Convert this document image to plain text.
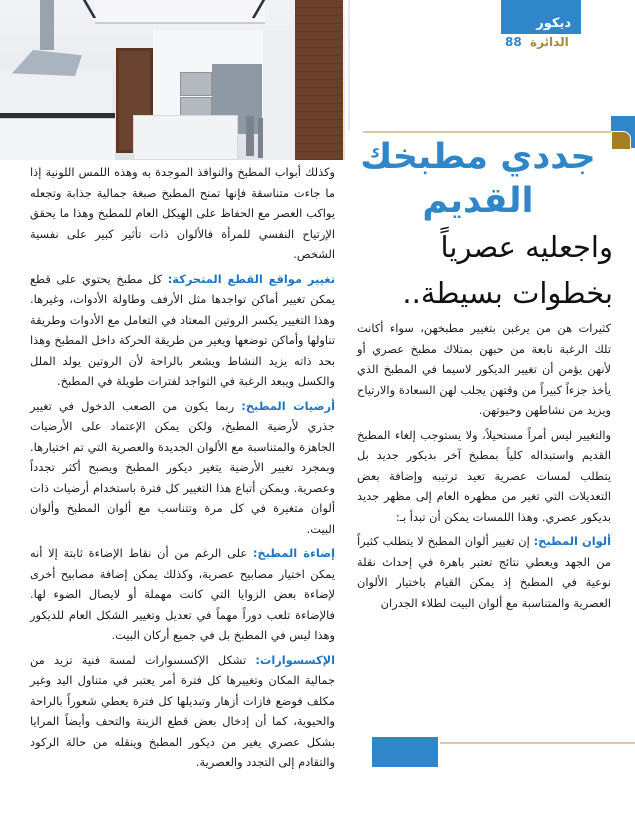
ديكور
88 الدائرة
جددي مطبخك
القديم
واجعليه عصرياً
بخطوات بسيطة..

كثيرات هن من يرغبن بتغيير مطبخهن، سواء أكانت تلك الرغبة نابعة من حبهن بمتلاك مطبخ عصري أو لأنهن يؤمن أن تغيير الديكور لاسيما في المطبخ الذي يأخذ جزءاً كبيراً من وقتهن يجلب لهن السعادة والارتياح ويزيد من نشاطهن وحيوتهن.

والتغيير ليس أمراً مستحيلاً، ولا يستوجب إلغاء المطبخ القديم واستبداله كلياً بمطبخ آخر بديكور جديد بل يتطلب لمسات عصرية تعيد ترتيبه وإضافة بعض التعديلات التي تغير من مظهره العام إلى مظهر جديد بديكور عصري. وهذا اللمسات يمكن أن تبدأ بـ:

ألوان المطبخ: إن تغيير ألوان المطبخ لا يتطلب كثيراً من الجهد ويعطي نتائج تعتبر باهرة في إحداث نقلة نوعية في المطبخ إذ يمكن القيام باختيار الألوان العصرية والمتناسبة مع ألوان البيت لطلاء الجدران

وكذلك أبواب المطبخ والنوافذ الموجدة به وهذه اللمس اللونية إذا ما جاءت متناسقة فإنها تمنح المطبخ صبغة جمالية جذابة وتجعله يواكب العصر مع الحفاظ على الهيكل العام للمطبخ وهذا ما يحقق الإرتياح النفسي للمرأة فالألوان ذات تأثير كبير على نفسية الشخص.

تغيير مواقع القطع المتحركة: كل مطبخ يحتوي على قطع يمكن تغيير أماكن تواجدها مثل الأرفف وطاولة الأدوات، وغيرها. وهذا التغيير يكسر الروتين المعتاد في التعامل مع الأدوات وطريقة تناولها وأماكن توضعها ويغير من طريقة الحركة داخل المطبخ وهذا بحد ذاته يزيد النشاط ويشعر بالراحة لأن الروتين يولد الملل والكسل ويبعد الرغبة في التواجد لفترات طويلة في المطبخ.

أرضيات المطبخ: ربما يكون من الصعب الدخول في تغيير جذري لأرضية المطبخ، ولكن يمكن الإعتماد على الأرضيات الجاهزة والمتناسبة مع الألوان الجديدة والعصرية التي تم اختيارها. وبمجرد تغيير الأرضية يتغير ديكور المطبخ ويصبح أكثر تجدداً وعصرية. ويمكن أتباع هذا التغيير كل فترة باستخدام أرضيات ذات ألوان متغيرة في كل مرة وتتناسب مع ألوان المطبخ وألوان البيت.

إضاءة المطبخ: على الرغم من أن نقاط الإضاءة ثابتة إلا أنه يمكن اختيار مصابيح عصرية، وكذلك يمكن إضافة مصابيح أخرى لإضاءة بعض الزوايا التي كانت مهملة أو لايصال الضوء لها. فالإضاءة تلعب دوراً مهماً في تعديل وتغيير الشكل العام للديكور وهذا ليس في المطبخ بل في جميع أركان البيت.

الإكسسوارات: تشكل الإكسسوارات لمسة فنية تزيد من جمالية المكان وتغييرها كل فترة أمر يعتبر في متناول اليد وغير مكلف فوضع فازات أزهار وتبديلها كل فترة يعطي شعوراً بالراحة والحيوية، كما أن إدخال بعض قطع الزينة والتحف وأيضاً المرايا بشكل عصري يغير من ديكور المطبخ وينقله من حالة الركود والتقادم إلى التجدد والعصرية.
